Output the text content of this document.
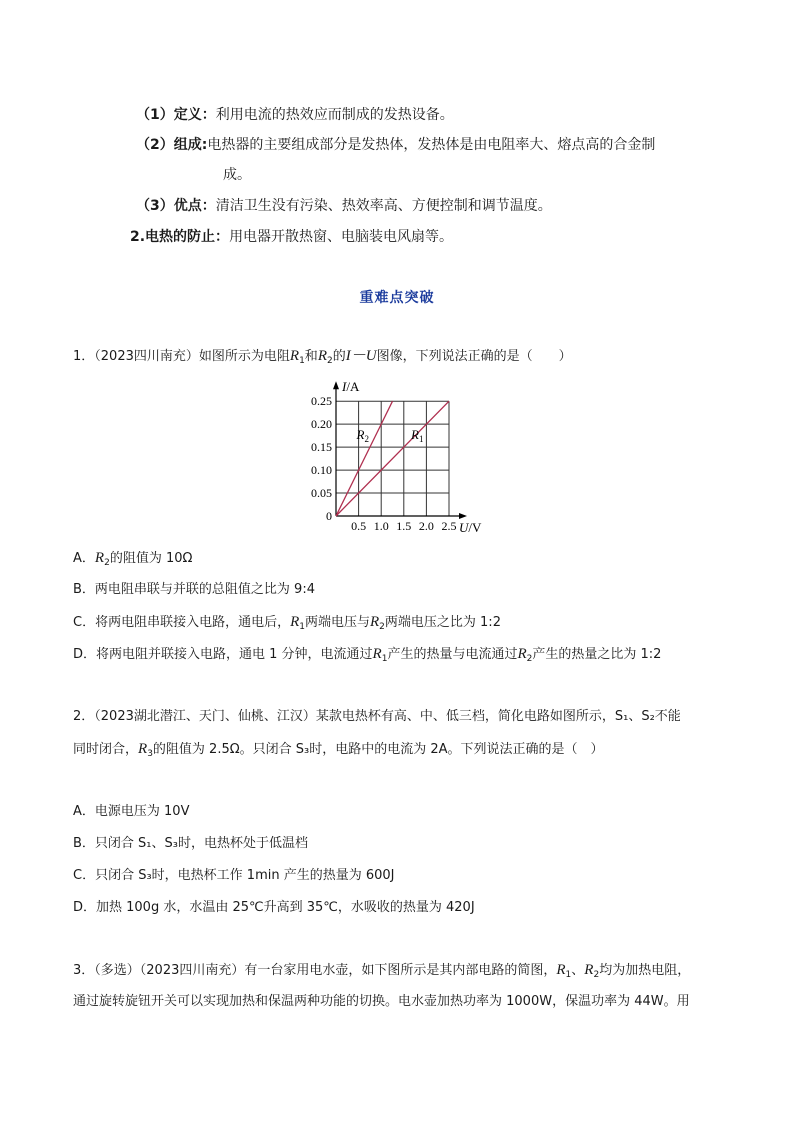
（1）定义：利用电流的热效应而制成的发热设备。
（2）组成:电热器的主要组成部分是发热体，发热体是由电阻率大、熔点高的合金制
成。
（3）优点：清洁卫生没有污染、热效率高、方便控制和调节温度。
2.电热的防止：用电器开散热窗、电脑装电风扇等。
重难点突破
1．（2023四川南充）如图所示为电阻$R_1$和$R_2$的I－U图像，下列说法正确的是（　　）
0.5 1.0 1.5 2.0 2.5
0.05
0.10
0.15
0.20
0.25
0
I/A
U/V
$R_2$	$R_1$
A．$R_2$的阻值为 10Ω
B．两电阻串联与并联的总阻值之比为 9:4
C．将两电阻串联接入电路，通电后，$R_1$两端电压与$R_2$两端电压之比为 1:2
D．将两电阻并联接入电路，通电 1 分钟，电流通过$R_1$产生的热量与电流通过$R_2$产生的热量之比为 1:2
2．（2023湖北潜江、天门、仙桃、江汉）某款电热杯有高、中、低三档，简化电路如图所示，S₁、S₂不能
同时闭合，$R_3$的阻值为 2.5Ω。只闭合 S₃时，电路中的电流为 2A。下列说法正确的是（　）
A．电源电压为 10V
B．只闭合 S₁、S₃时，电热杯处于低温档
C．只闭合 S₃时，电热杯工作 1min 产生的热量为 600J
D．加热 100g 水，水温由 25℃升高到 35℃，水吸收的热量为 420J
3．（多选）（2023四川南充）有一台家用电水壶，如下图所示是其内部电路的简图，$R_1$、$R_2$均为加热电阻，
通过旋转旋钮开关可以实现加热和保温两种功能的切换。电水壶加热功率为 1000W，保温功率为 44W。用
